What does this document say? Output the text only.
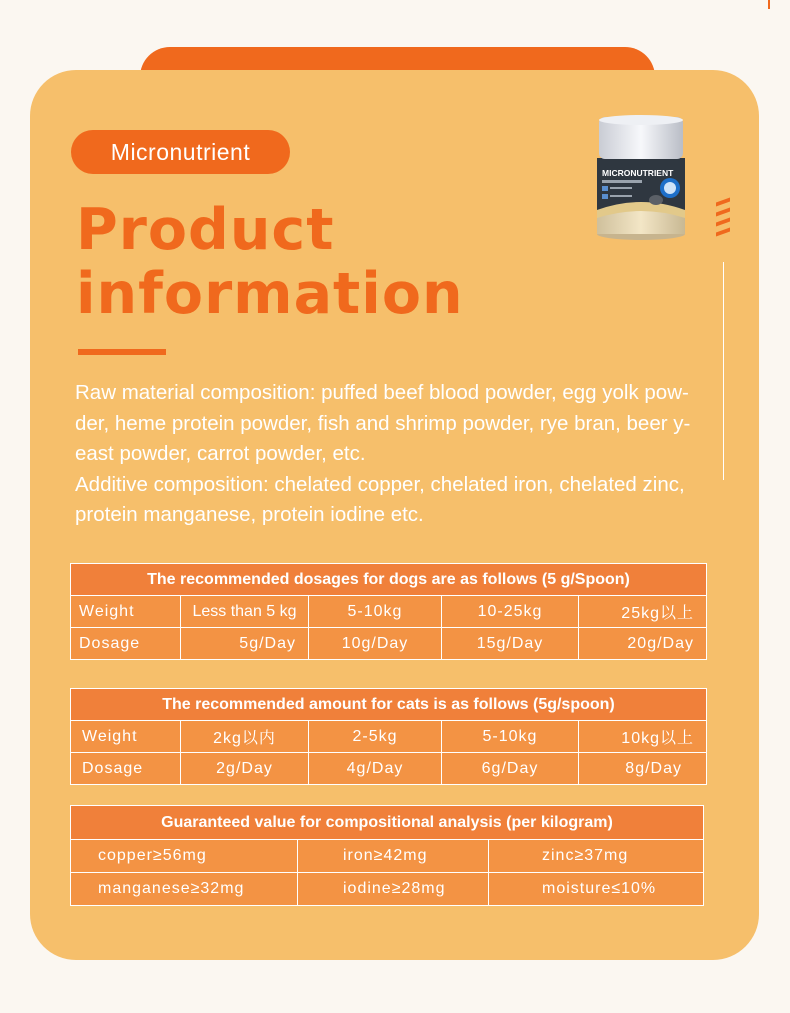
Micronutrient
Product
information
MICRONUTRIENT

Raw material composition: puffed beef blood powder, egg yolk pow-der, heme protein powder, fish and shrimp powder, rye bran, beer y-east powder, carrot powder, etc.

Additive composition: chelated copper, chelated iron, chelated zinc, protein manganese, protein iodine etc.

The recommended dosages for dogs are as follows (5 g/Spoon)				
Weight	Less than 5 kg	5-10kg	10-25kg	25kg以上
Dosage	5g/Day	10g/Day	15g/Day	20g/Day
The recommended amount for cats is as follows (5g/spoon)				
Weight	2kg以内	2-5kg	5-10kg	10kg以上
Dosage	2g/Day	4g/Day	6g/Day	8g/Day
Guaranteed value for compositional analysis (per kilogram)		
copper≥56mg	iron≥42mg	zinc≥37mg
manganese≥32mg	iodine≥28mg	moisture≤10%
